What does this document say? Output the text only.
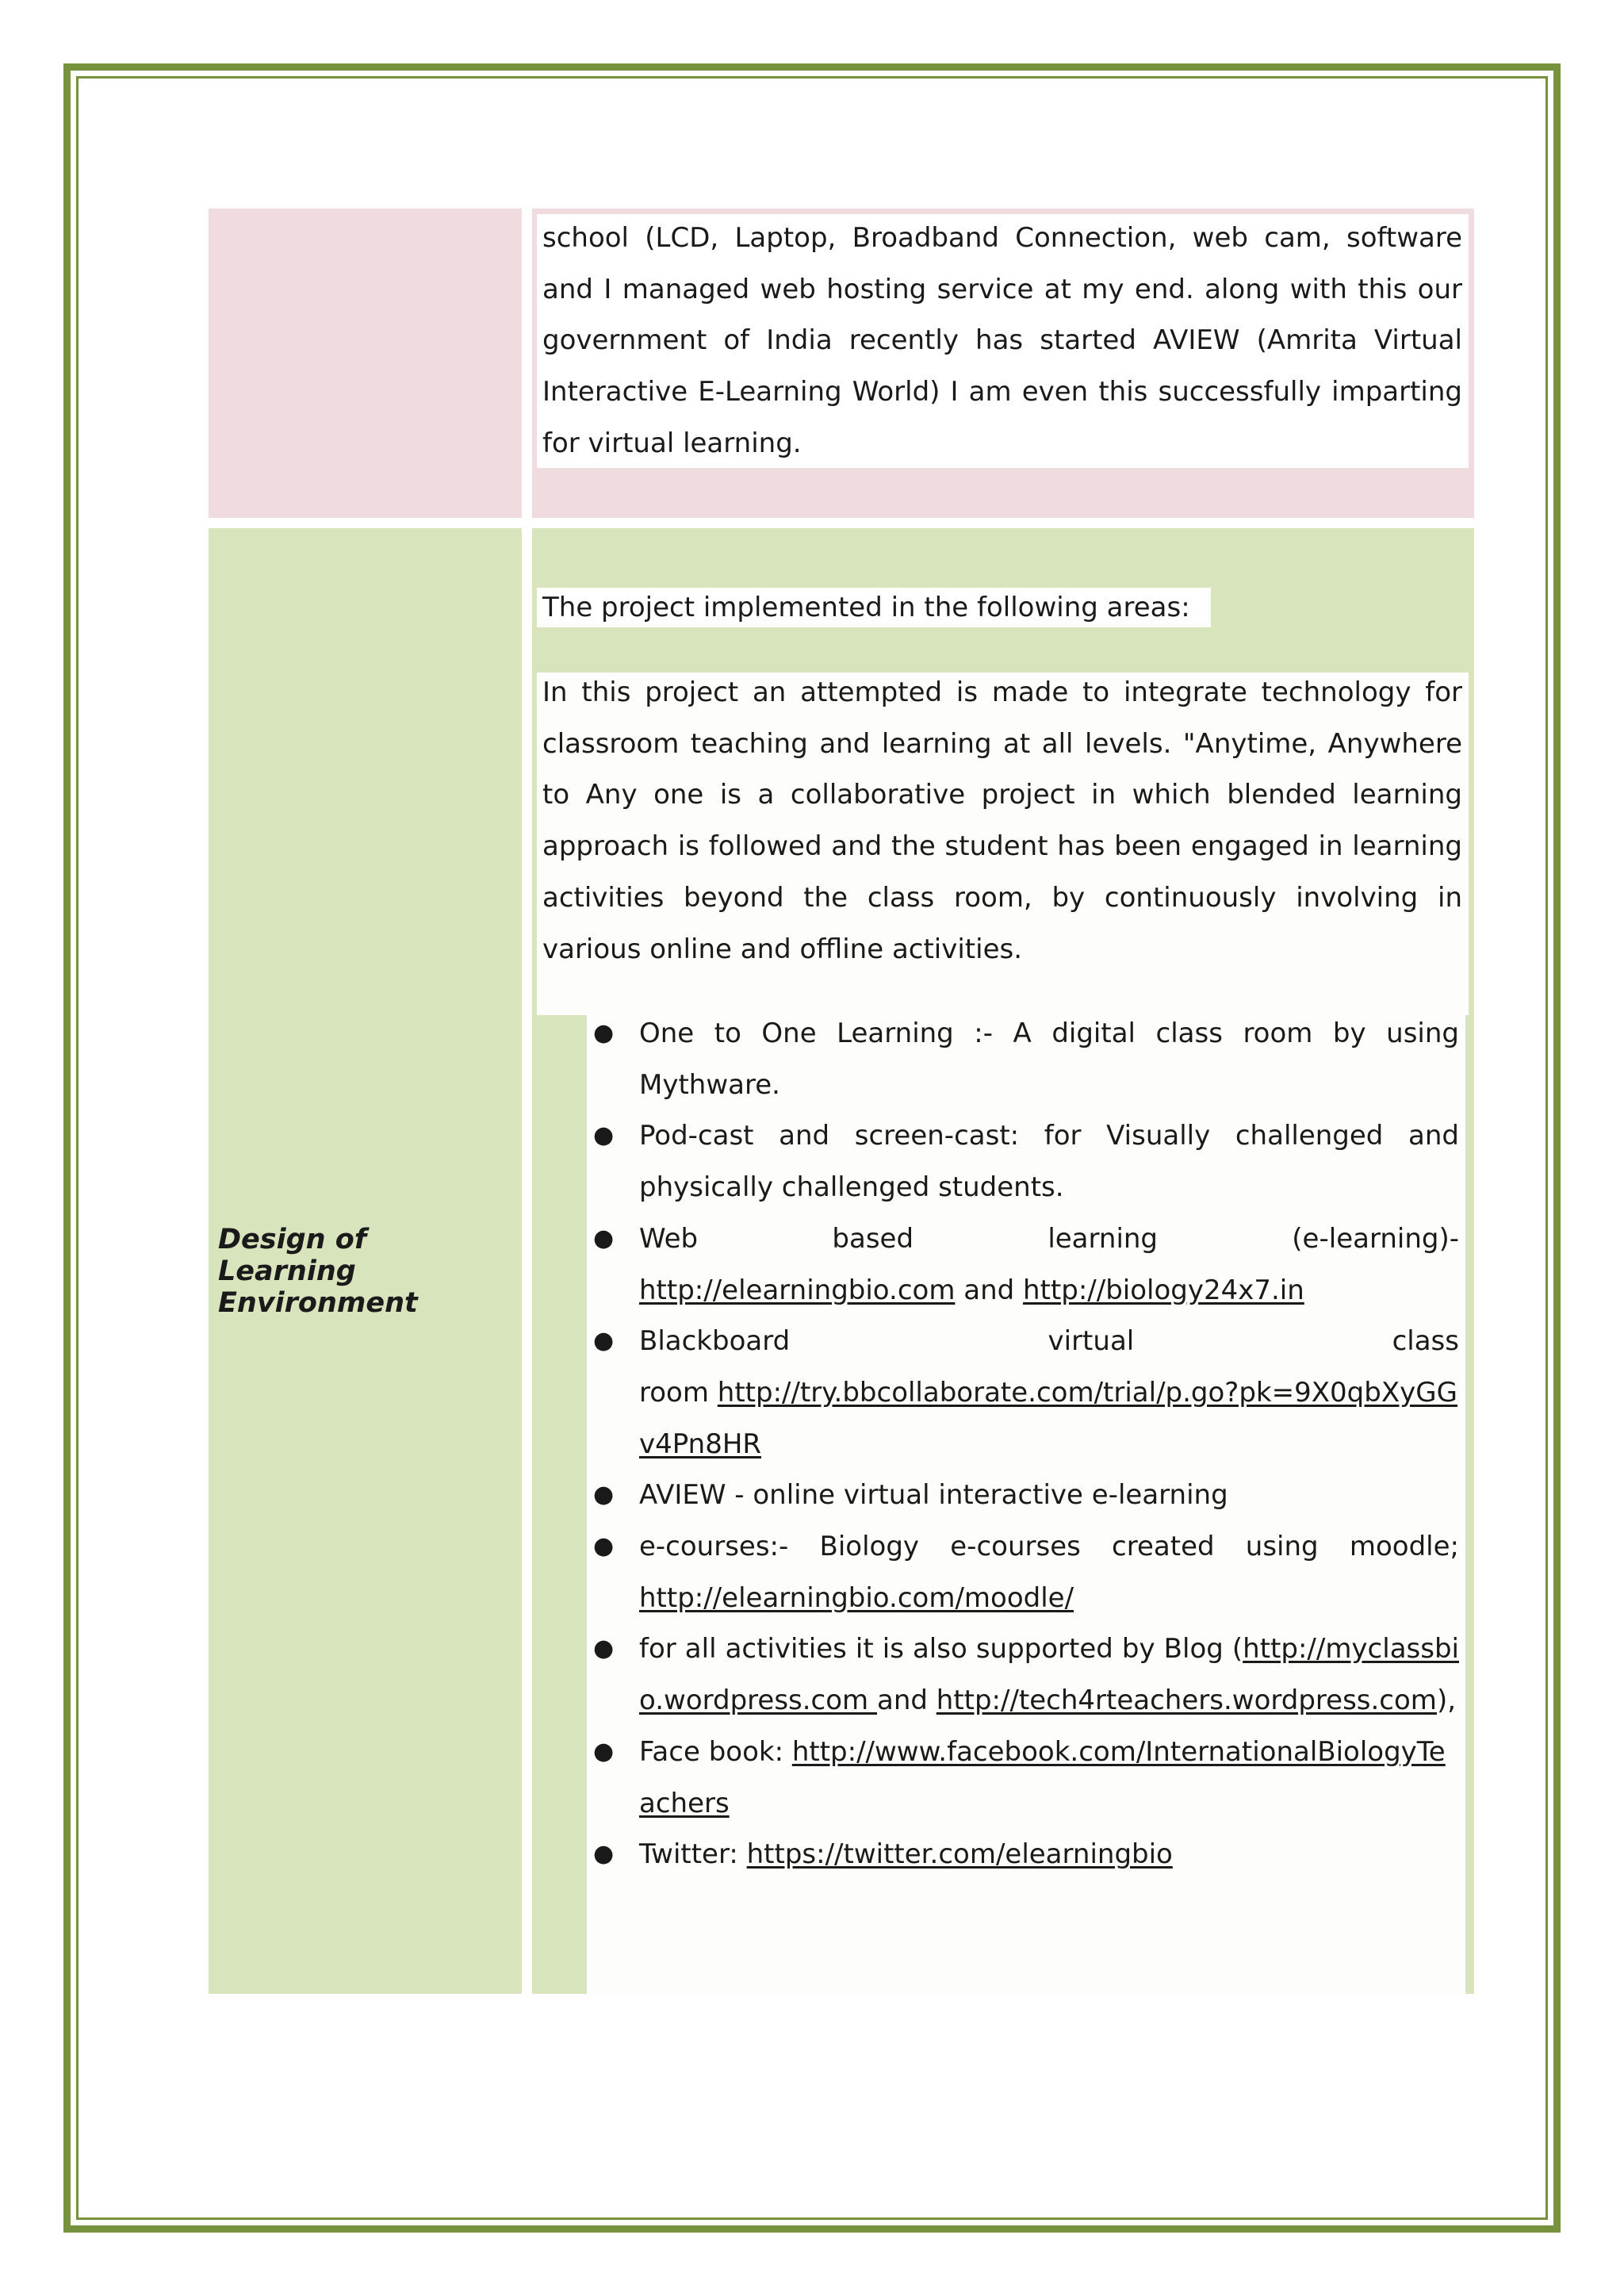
school (LCD, Laptop, Broadband Connection, web cam, software and I managed web hosting service at my end. along with this our government of India recently has started AVIEW (Amrita Virtual Interactive E-Learning World) I am even this successfully imparting for virtual learning.
Design of Learning Environment
The project implemented in the following areas:
In this project an attempted is made to integrate technology for classroom teaching and learning at all levels. "Anytime, Anywhere to Any one is a collaborative project in which blended learning approach is followed and the student has been engaged in learning activities beyond the class room, by continuously involving in various online and offline activities.
● One to One Learning :- A digital class room by using Mythware.
● Pod-cast and screen-cast: for Visually challenged and physically challenged students.
● Web	based	learning	(e-learning)-
http://elearningbio.com and http://biology24x7.in
● Blackboard	virtual	class
room http://try.bbcollaborate.com/trial/p.go?pk=9X0qbXyGGv4Pn8HR
● AVIEW - online virtual interactive e-learning
● e-courses:- Biology e-courses created using moodle; http://elearningbio.com/moodle/
● for all activities it is also supported by Blog (http://myclassbio.wordpress.com and http://tech4rteachers.wordpress.com),
● Face book: http://www.facebook.com/InternationalBiologyTeachers
● Twitter: https://twitter.com/elearningbio
